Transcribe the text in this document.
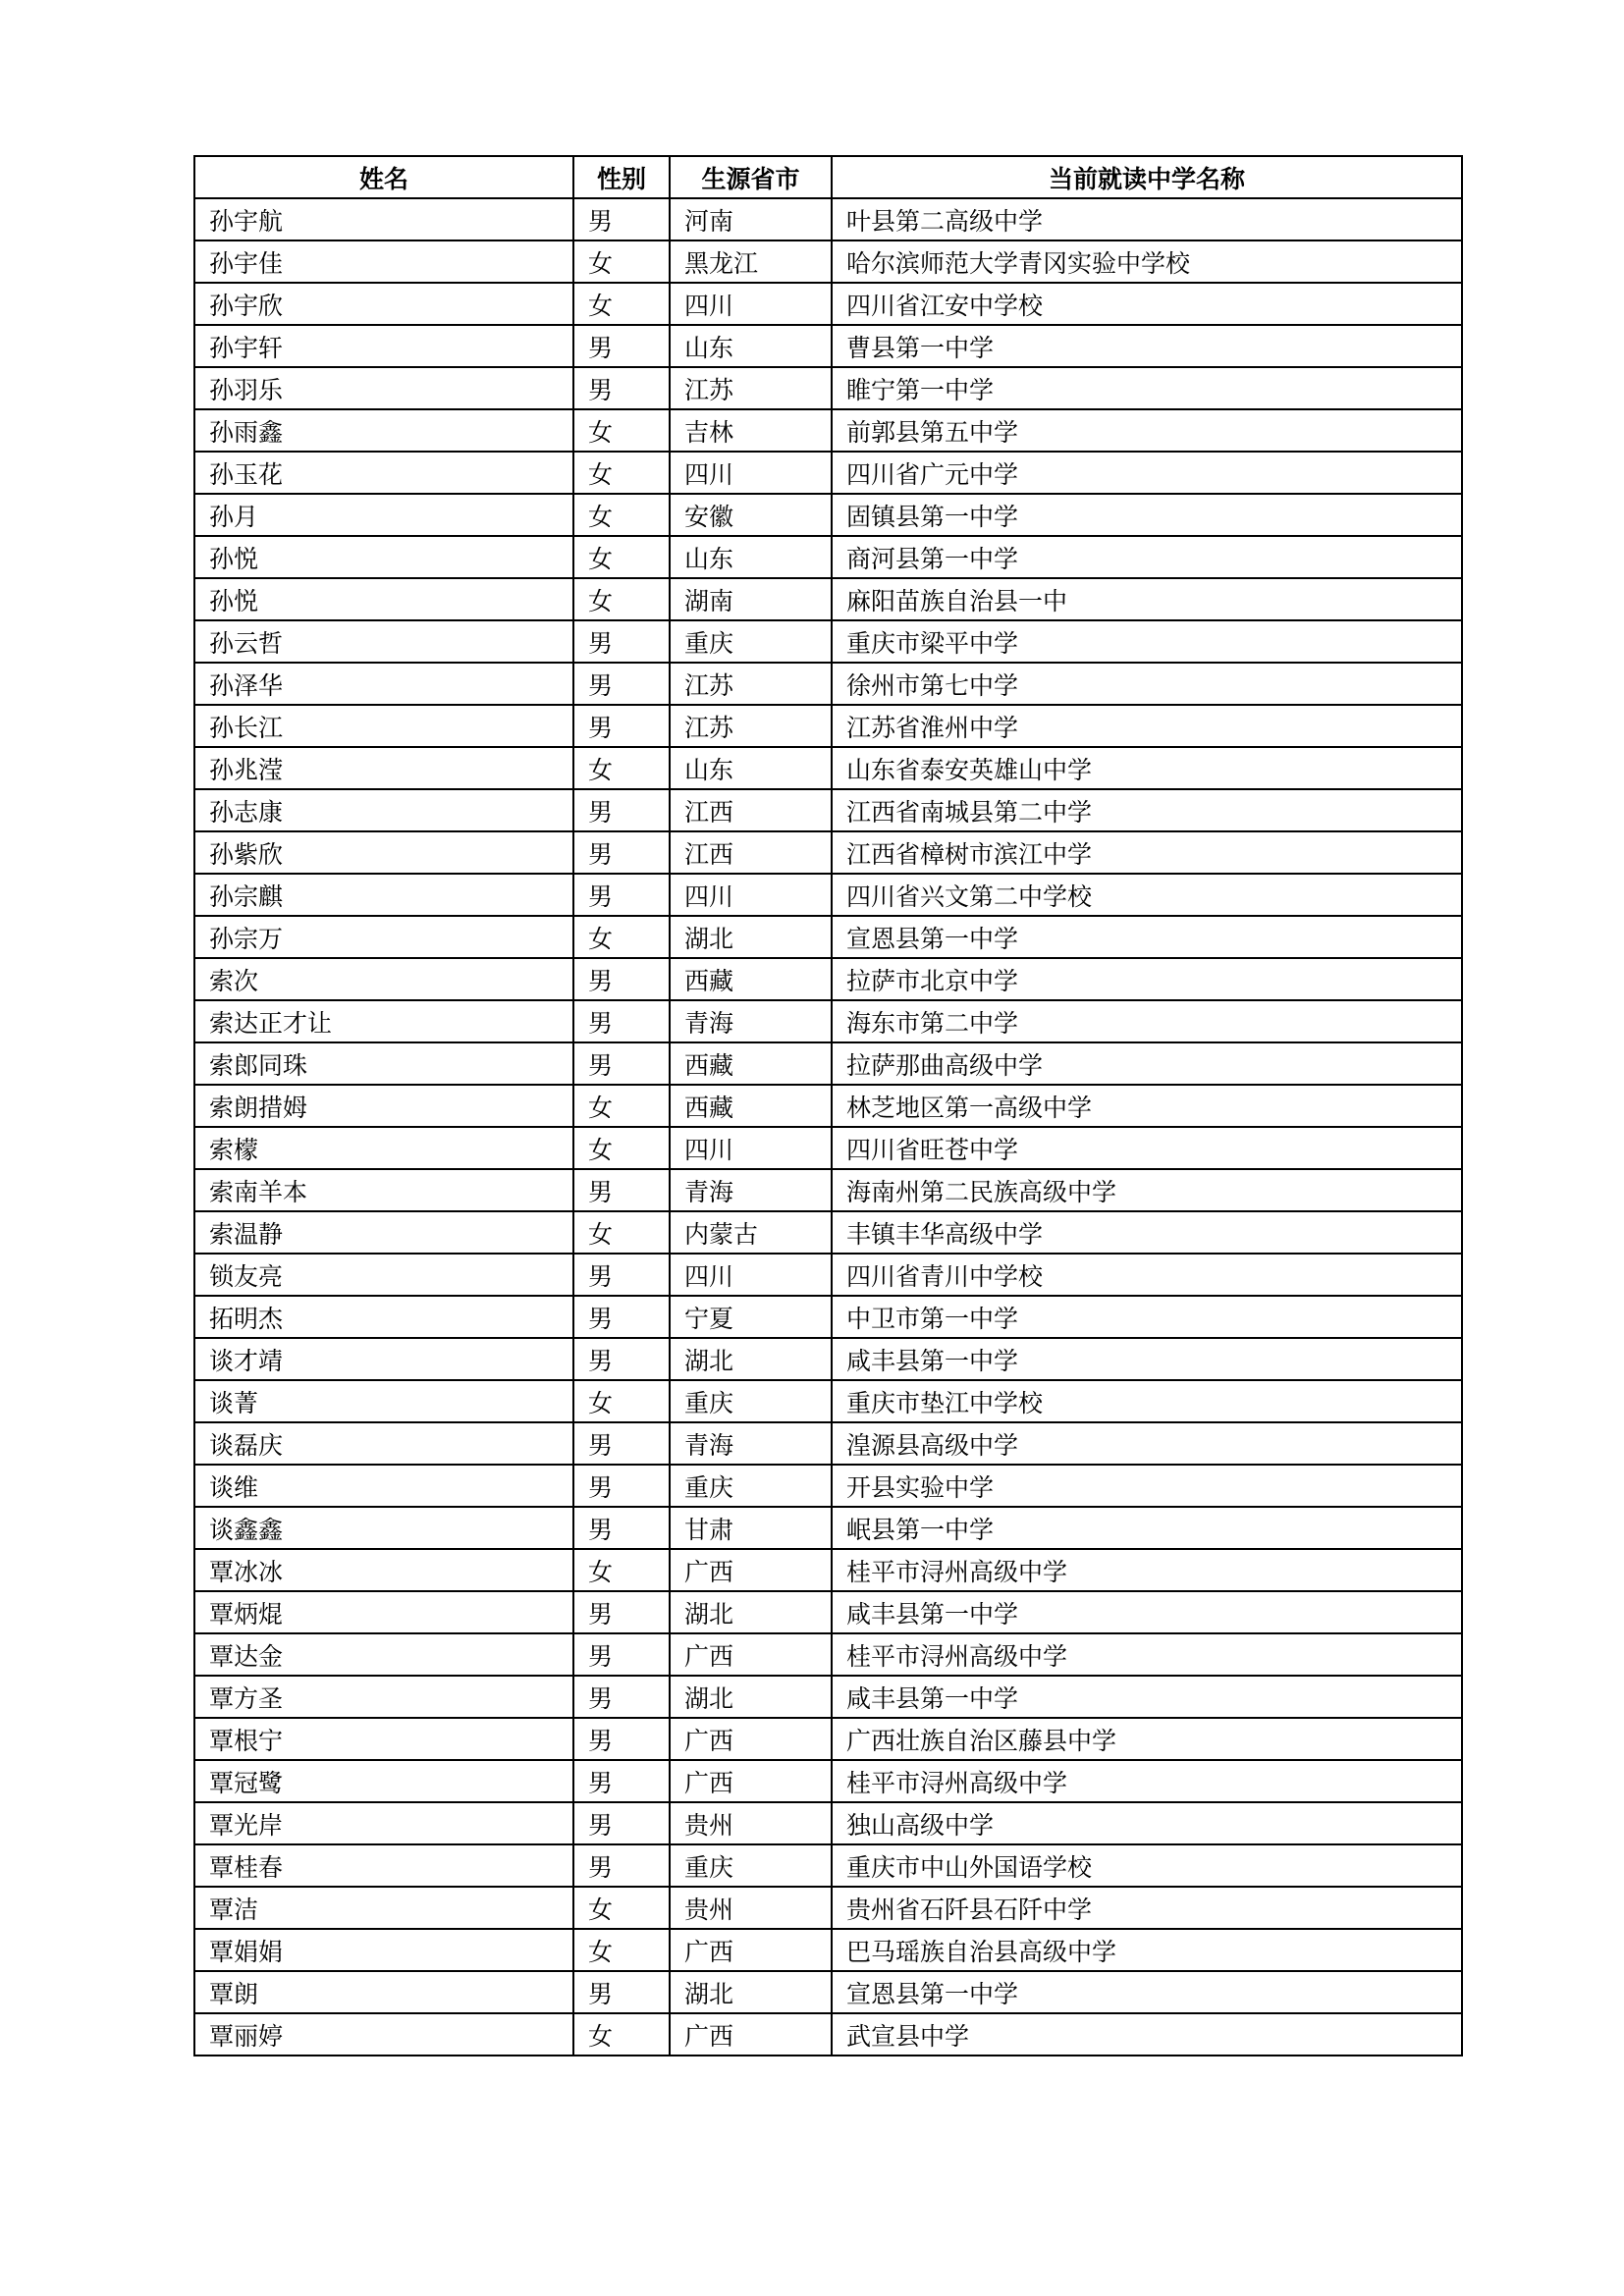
姓名	性别	生源省市	当前就读中学名称
孙宇航	男	河南	叶县第二高级中学
孙宇佳	女	黑龙江	哈尔滨师范大学青冈实验中学校
孙宇欣	女	四川	四川省江安中学校
孙宇轩	男	山东	曹县第一中学
孙羽乐	男	江苏	睢宁第一中学
孙雨鑫	女	吉林	前郭县第五中学
孙玉花	女	四川	四川省广元中学
孙月	女	安徽	固镇县第一中学
孙悦	女	山东	商河县第一中学
孙悦	女	湖南	麻阳苗族自治县一中
孙云哲	男	重庆	重庆市梁平中学
孙泽华	男	江苏	徐州市第七中学
孙长江	男	江苏	江苏省淮州中学
孙兆滢	女	山东	山东省泰安英雄山中学
孙志康	男	江西	江西省南城县第二中学
孙紫欣	男	江西	江西省樟树市滨江中学
孙宗麒	男	四川	四川省兴文第二中学校
孙宗万	女	湖北	宣恩县第一中学
索次	男	西藏	拉萨市北京中学
索达正才让	男	青海	海东市第二中学
索郎同珠	男	西藏	拉萨那曲高级中学
索朗措姆	女	西藏	林芝地区第一高级中学
索檬	女	四川	四川省旺苍中学
索南羊本	男	青海	海南州第二民族高级中学
索温静	女	内蒙古	丰镇丰华高级中学
锁友亮	男	四川	四川省青川中学校
拓明杰	男	宁夏	中卫市第一中学
谈才靖	男	湖北	咸丰县第一中学
谈菁	女	重庆	重庆市垫江中学校
谈磊庆	男	青海	湟源县高级中学
谈维	男	重庆	开县实验中学
谈鑫鑫	男	甘肃	岷县第一中学
覃冰冰	女	广西	桂平市浔州高级中学
覃炳焜	男	湖北	咸丰县第一中学
覃达金	男	广西	桂平市浔州高级中学
覃方圣	男	湖北	咸丰县第一中学
覃根宁	男	广西	广西壮族自治区藤县中学
覃冠鹭	男	广西	桂平市浔州高级中学
覃光岸	男	贵州	独山高级中学
覃桂春	男	重庆	重庆市中山外国语学校
覃洁	女	贵州	贵州省石阡县石阡中学
覃娟娟	女	广西	巴马瑶族自治县高级中学
覃朗	男	湖北	宣恩县第一中学
覃丽婷	女	广西	武宣县中学
